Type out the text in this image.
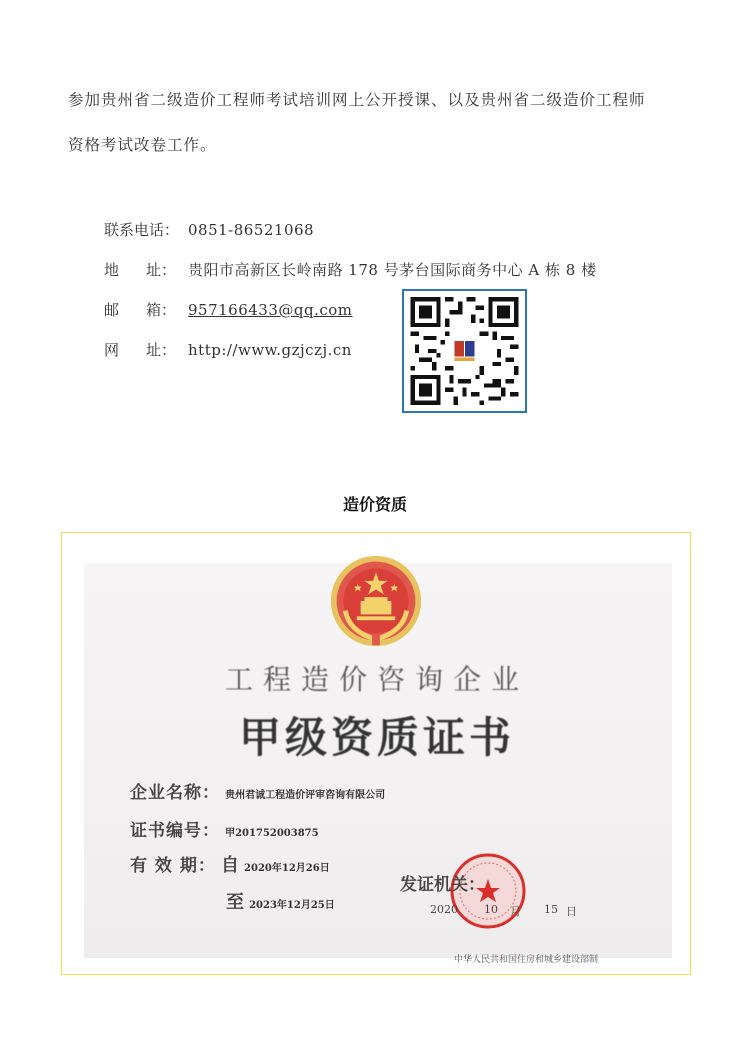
参加贵州省二级造价工程师考试培训网上公开授课、以及贵州省二级造价工程师
资格考试改卷工作。
联系电话： 0851-86521068
地 址： 贵阳市高新区长岭南路 178 号茅台国际商务中心 A 栋 8 楼
邮 箱： 957166433@qq.com
网 址： http://www.gzjczj.cn
造价资质
工程造价咨询企业
甲级资质证书
企业名称： 贵州君诚工程造价评审咨询有限公司
证书编号： 甲201752003875
有 效 期： 自 2020年12月26日
至 2023年12月25日
发证机关：
2020 10 月 15 日
中华人民共和国住房和城乡建设部制
